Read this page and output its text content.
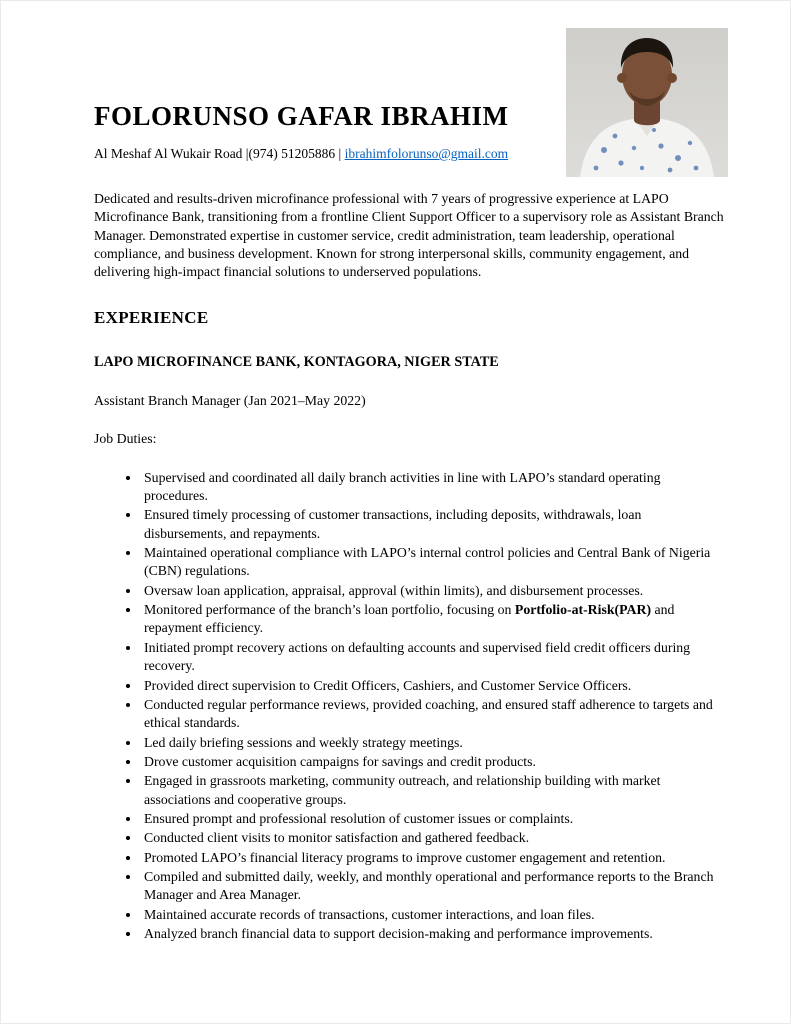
FOLORUNSO GAFAR IBRAHIM

Al Meshaf Al Wukair Road |(974) 51205886 | ibrahimfolorunso@gmail.com

Dedicated and results-driven microfinance professional with 7 years of progressive experience at LAPO Microfinance Bank, transitioning from a frontline Client Support Officer to a supervisory role as Assistant Branch Manager. Demonstrated expertise in customer service, credit administration, team leadership, operational compliance, and business development. Known for strong interpersonal skills, community engagement, and delivering high-impact financial solutions to underserved populations.

EXPERIENCE
LAPO MICROFINANCE BANK, KONTAGORA, NIGER STATE

Assistant Branch Manager (Jan 2021–May 2022)

Job Duties:

• Supervised and coordinated all daily branch activities in line with LAPO’s standard operating procedures.
• Ensured timely processing of customer transactions, including deposits, withdrawals, loan disbursements, and repayments.
• Maintained operational compliance with LAPO’s internal control policies and Central Bank of Nigeria (CBN) regulations.
• Oversaw loan application, appraisal, approval (within limits), and disbursement processes.
• Monitored performance of the branch’s loan portfolio, focusing on Portfolio-at-Risk(PAR) and repayment efficiency.
• Initiated prompt recovery actions on defaulting accounts and supervised field credit officers during recovery.
• Provided direct supervision to Credit Officers, Cashiers, and Customer Service Officers.
• Conducted regular performance reviews, provided coaching, and ensured staff adherence to targets and ethical standards.
• Led daily briefing sessions and weekly strategy meetings.
• Drove customer acquisition campaigns for savings and credit products.
• Engaged in grassroots marketing, community outreach, and relationship building with market associations and cooperative groups.
• Ensured prompt and professional resolution of customer issues or complaints.
• Conducted client visits to monitor satisfaction and gathered feedback.
• Promoted LAPO’s financial literacy programs to improve customer engagement and retention.
• Compiled and submitted daily, weekly, and monthly operational and performance reports to the Branch Manager and Area Manager.
• Maintained accurate records of transactions, customer interactions, and loan files.
• Analyzed branch financial data to support decision-making and performance improvements.
